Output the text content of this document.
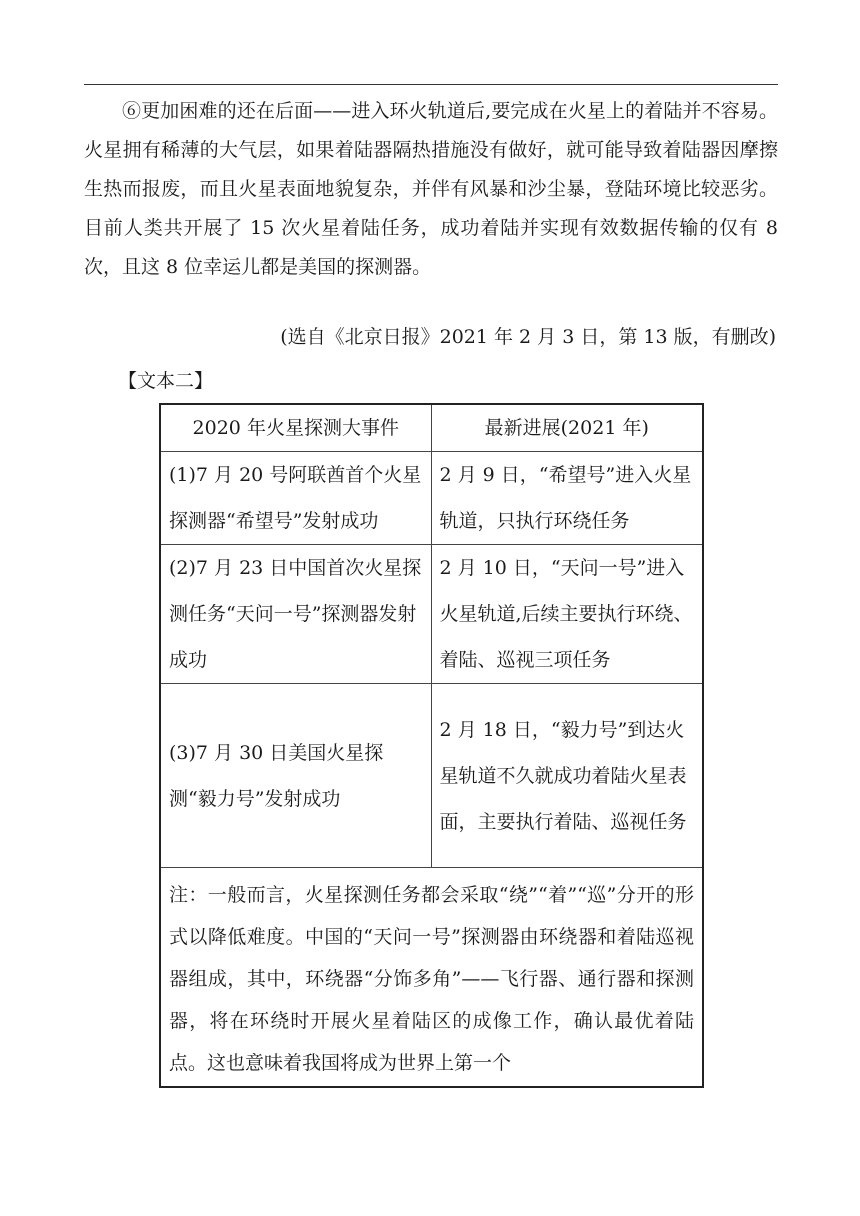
⑥更加困难的还在后面——进入环火轨道后,要完成在火星上的着陆并不容易。火星拥有稀薄的大气层，如果着陆器隔热措施没有做好，就可能导致着陆器因摩擦生热而报废，而且火星表面地貌复杂，并伴有风暴和沙尘暴，登陆环境比较恶劣。目前人类共开展了 15 次火星着陆任务，成功着陆并实现有效数据传输的仅有 8 次，且这 8 位幸运儿都是美国的探测器。

(选自《北京日报》2021 年 2 月 3 日，第 13 版，有删改)

【文本二】

2020 年火星探测大事件	最新进展(2021 年)
(1)7 月 20 号阿联酋首个火星探测器“希望号”发射成功	2 月 9 日，“希望号”进入火星轨道，只执行环绕任务
(2)7 月 23 日中国首次火星探测任务“天问一号”探测器发射成功	2 月 10 日，“天问一号”进入火星轨道,后续主要执行环绕、着陆、巡视三项任务
(3)7 月 30 日美国火星探测“毅力号”发射成功	2 月 18 日，“毅力号”到达火星轨道不久就成功着陆火星表面，主要执行着陆、巡视任务
注：一般而言，火星探测任务都会采取“绕”“着”“巡”分开的形式以降低难度。中国的“天问一号”探测器由环绕器和着陆巡视器组成，其中，环绕器“分饰多角”——飞行器、通行器和探测器，将在环绕时开展火星着陆区的成像工作，确认最优着陆点。这也意味着我国将成为世界上第一个	
